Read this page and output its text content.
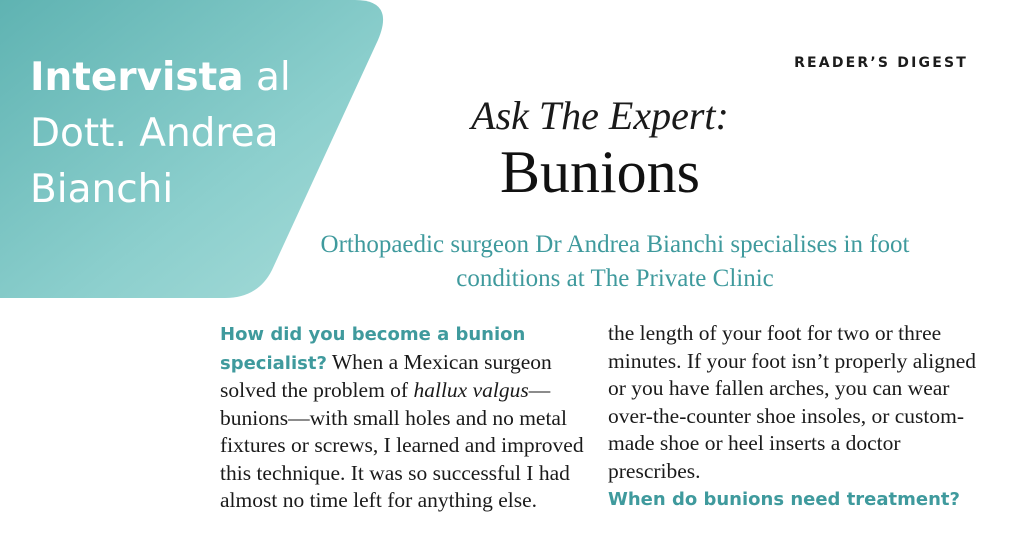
Intervista al
Dott. Andrea
Bianchi
READER’S DIGEST
Ask The Expert:
Bunions
Orthopaedic surgeon Dr Andrea Bianchi specialises in foot conditions at The Private Clinic

How did you become a bunion specialist? When a Mexican surgeon solved the problem of hallux valgus—bunions—with small holes and no metal fixtures or screws, I learned and improved this technique. It was so successful I had almost no time left for anything else.

the length of your foot for two or three minutes. If your foot isn’t properly aligned or you have fallen arches, you can wear over-the-counter shoe insoles, or custom-made shoe or heel inserts a doctor prescribes.

When do bunions need treatment?
